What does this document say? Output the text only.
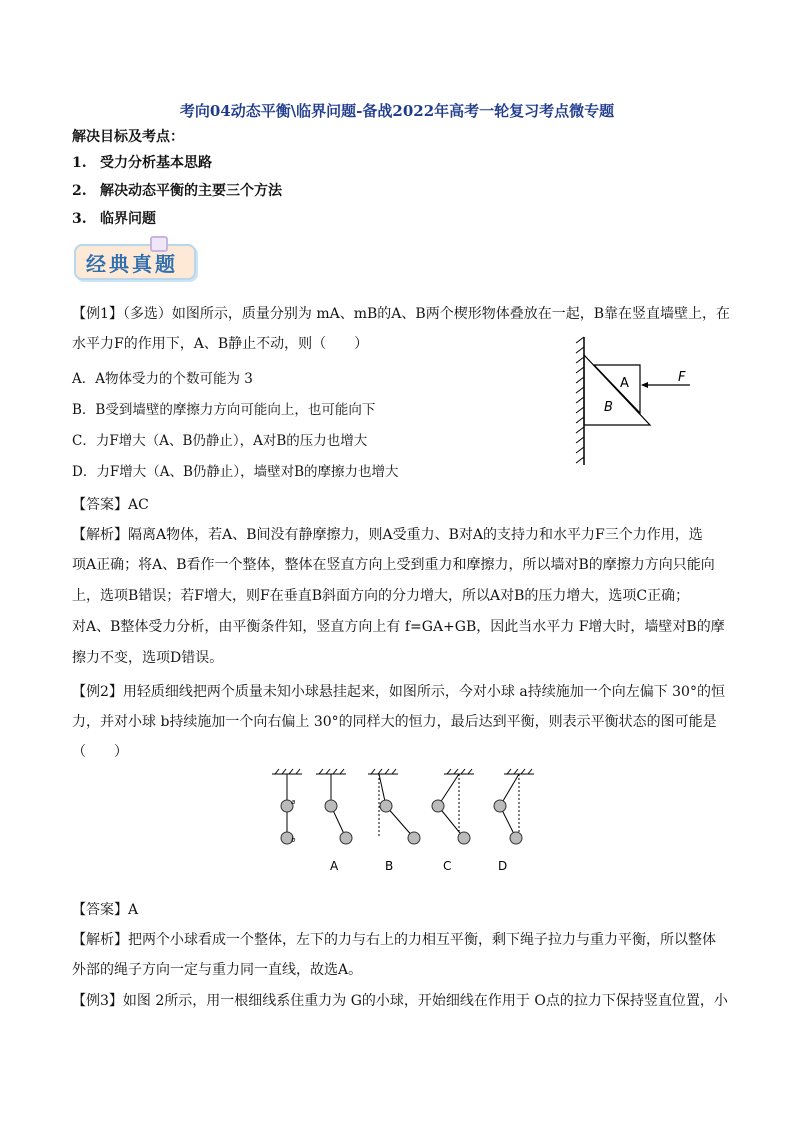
考向04动态平衡\临界问题-备战2022年高考一轮复习考点微专题
解决目标及考点：
1. 受力分析基本思路
2. 解决动态平衡的主要三个方法
3. 临界问题
经典真题
【例1】（多选）如图所示，质量分别为 mA、mB的A、B两个楔形物体叠放在一起，B靠在竖直墙壁上，在
水平力F的作用下，A、B静止不动，则（　　）
A．A物体受力的个数可能为 3
B．B受到墙壁的摩擦力方向可能向上，也可能向下
C．力F增大（A、B仍静止），A对B的压力也增大
D．力F增大（A、B仍静止），墙壁对B的摩擦力也增大
A
B
F
【答案】AC
【解析】隔离A物体，若A、B间没有静摩擦力，则A受重力、B对A的支持力和水平力F三个力作用，选
项A正确；将A、B看作一个整体，整体在竖直方向上受到重力和摩擦力，所以墙对B的摩擦力方向只能向
上，选项B错误；若F增大，则F在垂直B斜面方向的分力增大，所以A对B的压力增大，选项C正确；
对A、B整体受力分析，由平衡条件知，竖直方向上有 f=GA+GB，因此当水平力 F增大时，墙壁对B的摩
擦力不变，选项D错误。
【例2】用轻质细线把两个质量未知小球悬挂起来，如图所示，今对小球 a持续施加一个向左偏下 30°的恒
力，并对小球 b持续施加一个向右偏上 30°的同样大的恒力，最后达到平衡，则表示平衡状态的图可能是
（　　）
a
b
A	B	C	D
【答案】A
【解析】把两个小球看成一个整体，左下的力与右上的力相互平衡，剩下绳子拉力与重力平衡，所以整体
外部的绳子方向一定与重力同一直线，故选A。
【例3】如图 2所示，用一根细线系住重力为 G的小球，开始细线在作用于 O点的拉力下保持竖直位置，小
